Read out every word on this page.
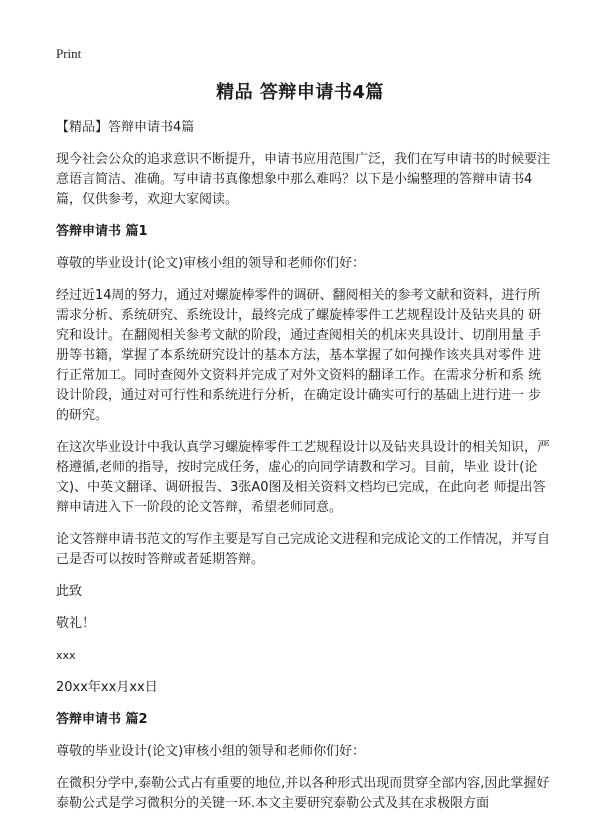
Print
精品 答辩申请书4篇

【精品】答辩申请书4篇

现今社会公众的追求意识不断提升，申请书应用范围广泛，我们在写申请书的时候要注意语言简洁、准确。写申请书真像想象中那么难吗？以下是小编整理的答辩申请书4篇，仅供参考，欢迎大家阅读。

答辩申请书 篇1

尊敬的毕业设计(论文)审核小组的领导和老师你们好：

经过近14周的努力，通过对螺旋棒零件的调研、翻阅相关的参考文献和资料，进行所需求分析、系统研究、系统设计，最终完成了螺旋棒零件工艺规程设计及钻夹具的 研究和设计。在翻阅相关参考文献的阶段，通过查阅相关的机床夹具设计、切削用量 手册等书籍，掌握了本系统研究设计的基本方法，基本掌握了如何操作该夹具对零件 进行正常加工。同时查阅外文资料并完成了对外文资料的翻译工作。在需求分析和系 统设计阶段，通过对可行性和系统进行分析，在确定设计确实可行的基础上进行进一 步的研究。

在这次毕业设计中我认真学习螺旋棒零件工艺规程设计以及钻夹具设计的相关知识，严格遵循,老师的指导，按时完成任务，虚心的向同学请教和学习。目前，毕业 设计(论文)、中英文翻译、调研报告、3张A0图及相关资料文档均已完成，在此向老 师提出答辩申请进入下一阶段的论文答辩，希望老师同意。

论文答辩申请书范文的写作主要是写自己完成论文进程和完成论文的工作情况，并写自己是否可以按时答辩或者延期答辩。

此致

敬礼！

xxx

20xx年xx月xx日

答辩申请书 篇2

尊敬的毕业设计(论文)审核小组的领导和老师你们好：

在微积分学中,泰勒公式占有重要的地位,并以各种形式出现而贯穿全部内容,因此掌握好泰勒公式是学习微积分的关键一环.本文主要研究泰勒公式及其在求极限方面
